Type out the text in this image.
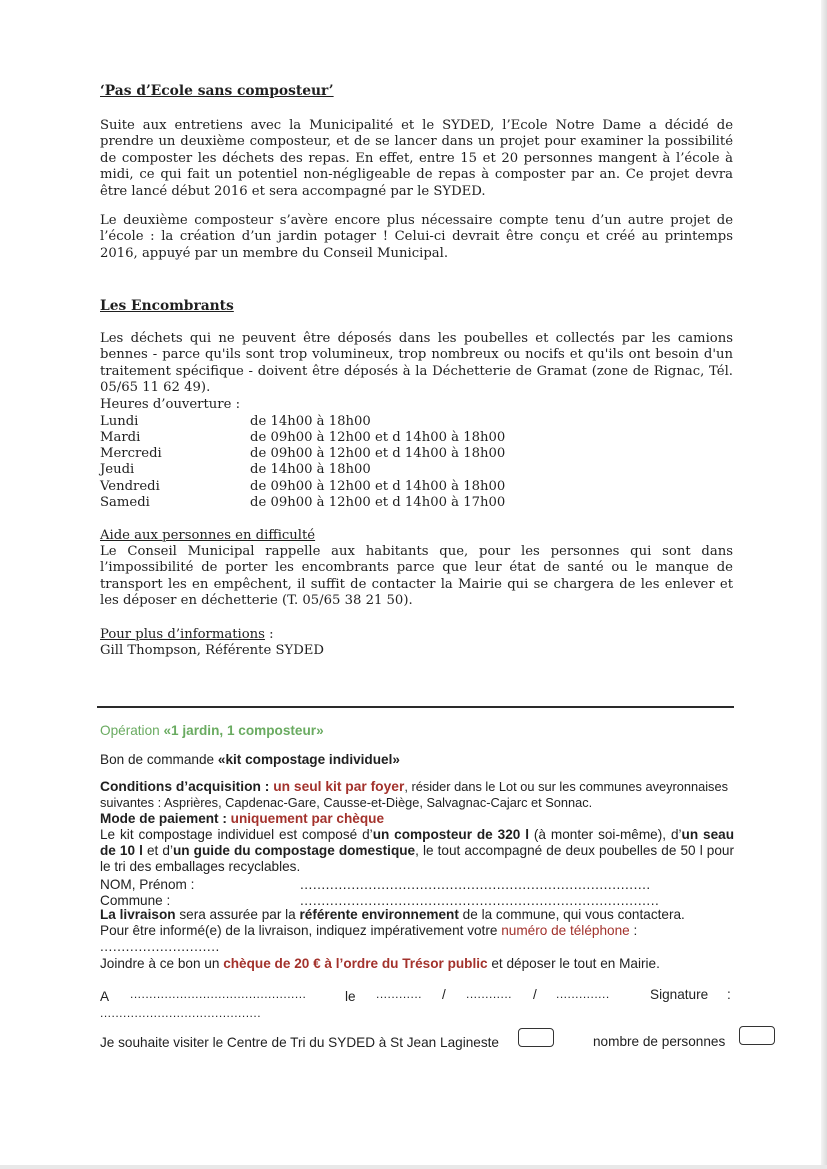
‘Pas d’Ecole sans composteur’
Suite aux entretiens avec la Municipalité et le SYDED, l’Ecole Notre Dame a décidé de prendre un deuxième composteur, et de se lancer dans un projet pour examiner la possibilité de composter les déchets des repas. En effet, entre 15 et 20 personnes mangent à l’école à midi, ce qui fait un potentiel non-négligeable de repas à composter par an. Ce projet devra être lancé début 2016 et sera accompagné par le SYDED.
Le deuxième composteur s’avère encore plus nécessaire compte tenu d’un autre projet de l’école : la création d’un jardin potager ! Celui-ci devrait être conçu et créé au printemps 2016, appuyé par un membre du Conseil Municipal.
Les Encombrants
Les déchets qui ne peuvent être déposés dans les poubelles et collectés par les camions bennes - parce qu'ils sont trop volumineux, trop nombreux ou nocifs et qu'ils ont besoin d'un traitement spécifique - doivent être déposés à la Déchetterie de Gramat (zone de Rignac, Tél. 05/65 11 62 49).
Heures d’ouverture :
Lundi	de 14h00 à 18h00
Mardi	de 09h00 à 12h00 et d 14h00 à 18h00
Mercredi	de 09h00 à 12h00 et d 14h00 à 18h00
Jeudi	de 14h00 à 18h00
Vendredi	de 09h00 à 12h00 et d 14h00 à 18h00
Samedi	de 09h00 à 12h00 et d 14h00 à 17h00
Aide aux personnes en difficulté
Le Conseil Municipal rappelle aux habitants que, pour les personnes qui sont dans l’impossibilité de porter les encombrants parce que leur état de santé ou le manque de transport les en empêchent, il suffit de contacter la Mairie qui se chargera de les enlever et les déposer en déchetterie (T. 05/65 38 21 50).
Pour plus d’informations :
Gill Thompson, Référente SYDED
Opération «1 jardin, 1 composteur»
Bon de commande «kit compostage individuel»
Conditions d’acquisition : un seul kit par foyer, résider dans le Lot ou sur les communes aveyronnaises suivantes : Asprières, Capdenac-Gare, Causse-et-Diège, Salvagnac-Cajarc et Sonnac.
Mode de paiement : uniquement par chèque
Le kit compostage individuel est composé d’un composteur de 320 l (à monter soi-même), d’un seau de 10 l et d’un guide du compostage domestique, le tout accompagné de deux poubelles de 50 l pour le tri des emballages recyclables.
NOM, Prénom :	..................................................................................
Commune :	....................................................................................
La livraison sera assurée par la référente environnement de la commune, qui vous contactera.
Pour être informé(e) de la livraison, indiquez impérativement votre numéro de téléphone :
............................
Joindre à ce bon un chèque de 20 € à l’ordre du Trésor public et déposer le tout en Mairie.
A ..............................................	le ............ / ............ / ..............	Signature :
..........................................
Je souhaite visiter le Centre de Tri du SYDED à St Jean Lagineste	nombre de personnes
